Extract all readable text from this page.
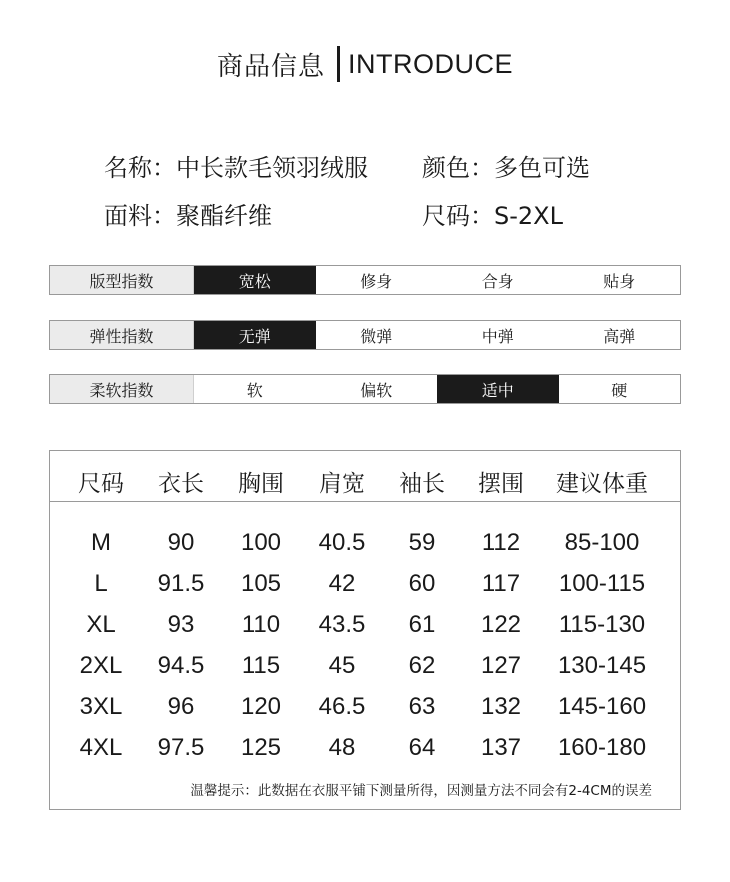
商品信息 INTRODUCE
名称：中长款毛领羽绒服 颜色：多色可选
面料：聚酯纤维	尺码：S-2XL
版型指数	宽松	修身	合身	贴身
弹性指数	无弹	微弹	中弹	高弹
柔软指数	软	偏软	适中	硬
尺码 衣长 胸围 肩宽 袖长 摆围 建议体重
M 90 100 40.5 59 112 85-100
L 91.5 105 42 60 117 100-115
XL 93 110 43.5 61 122 115-130
2XL 94.5 115 45 62 127 130-145
3XL 96 120 46.5 63 132 145-160
4XL 97.5 125 48 64 137 160-180
温馨提示：此数据在衣服平铺下测量所得，因测量方法不同会有2-4CM的误差
